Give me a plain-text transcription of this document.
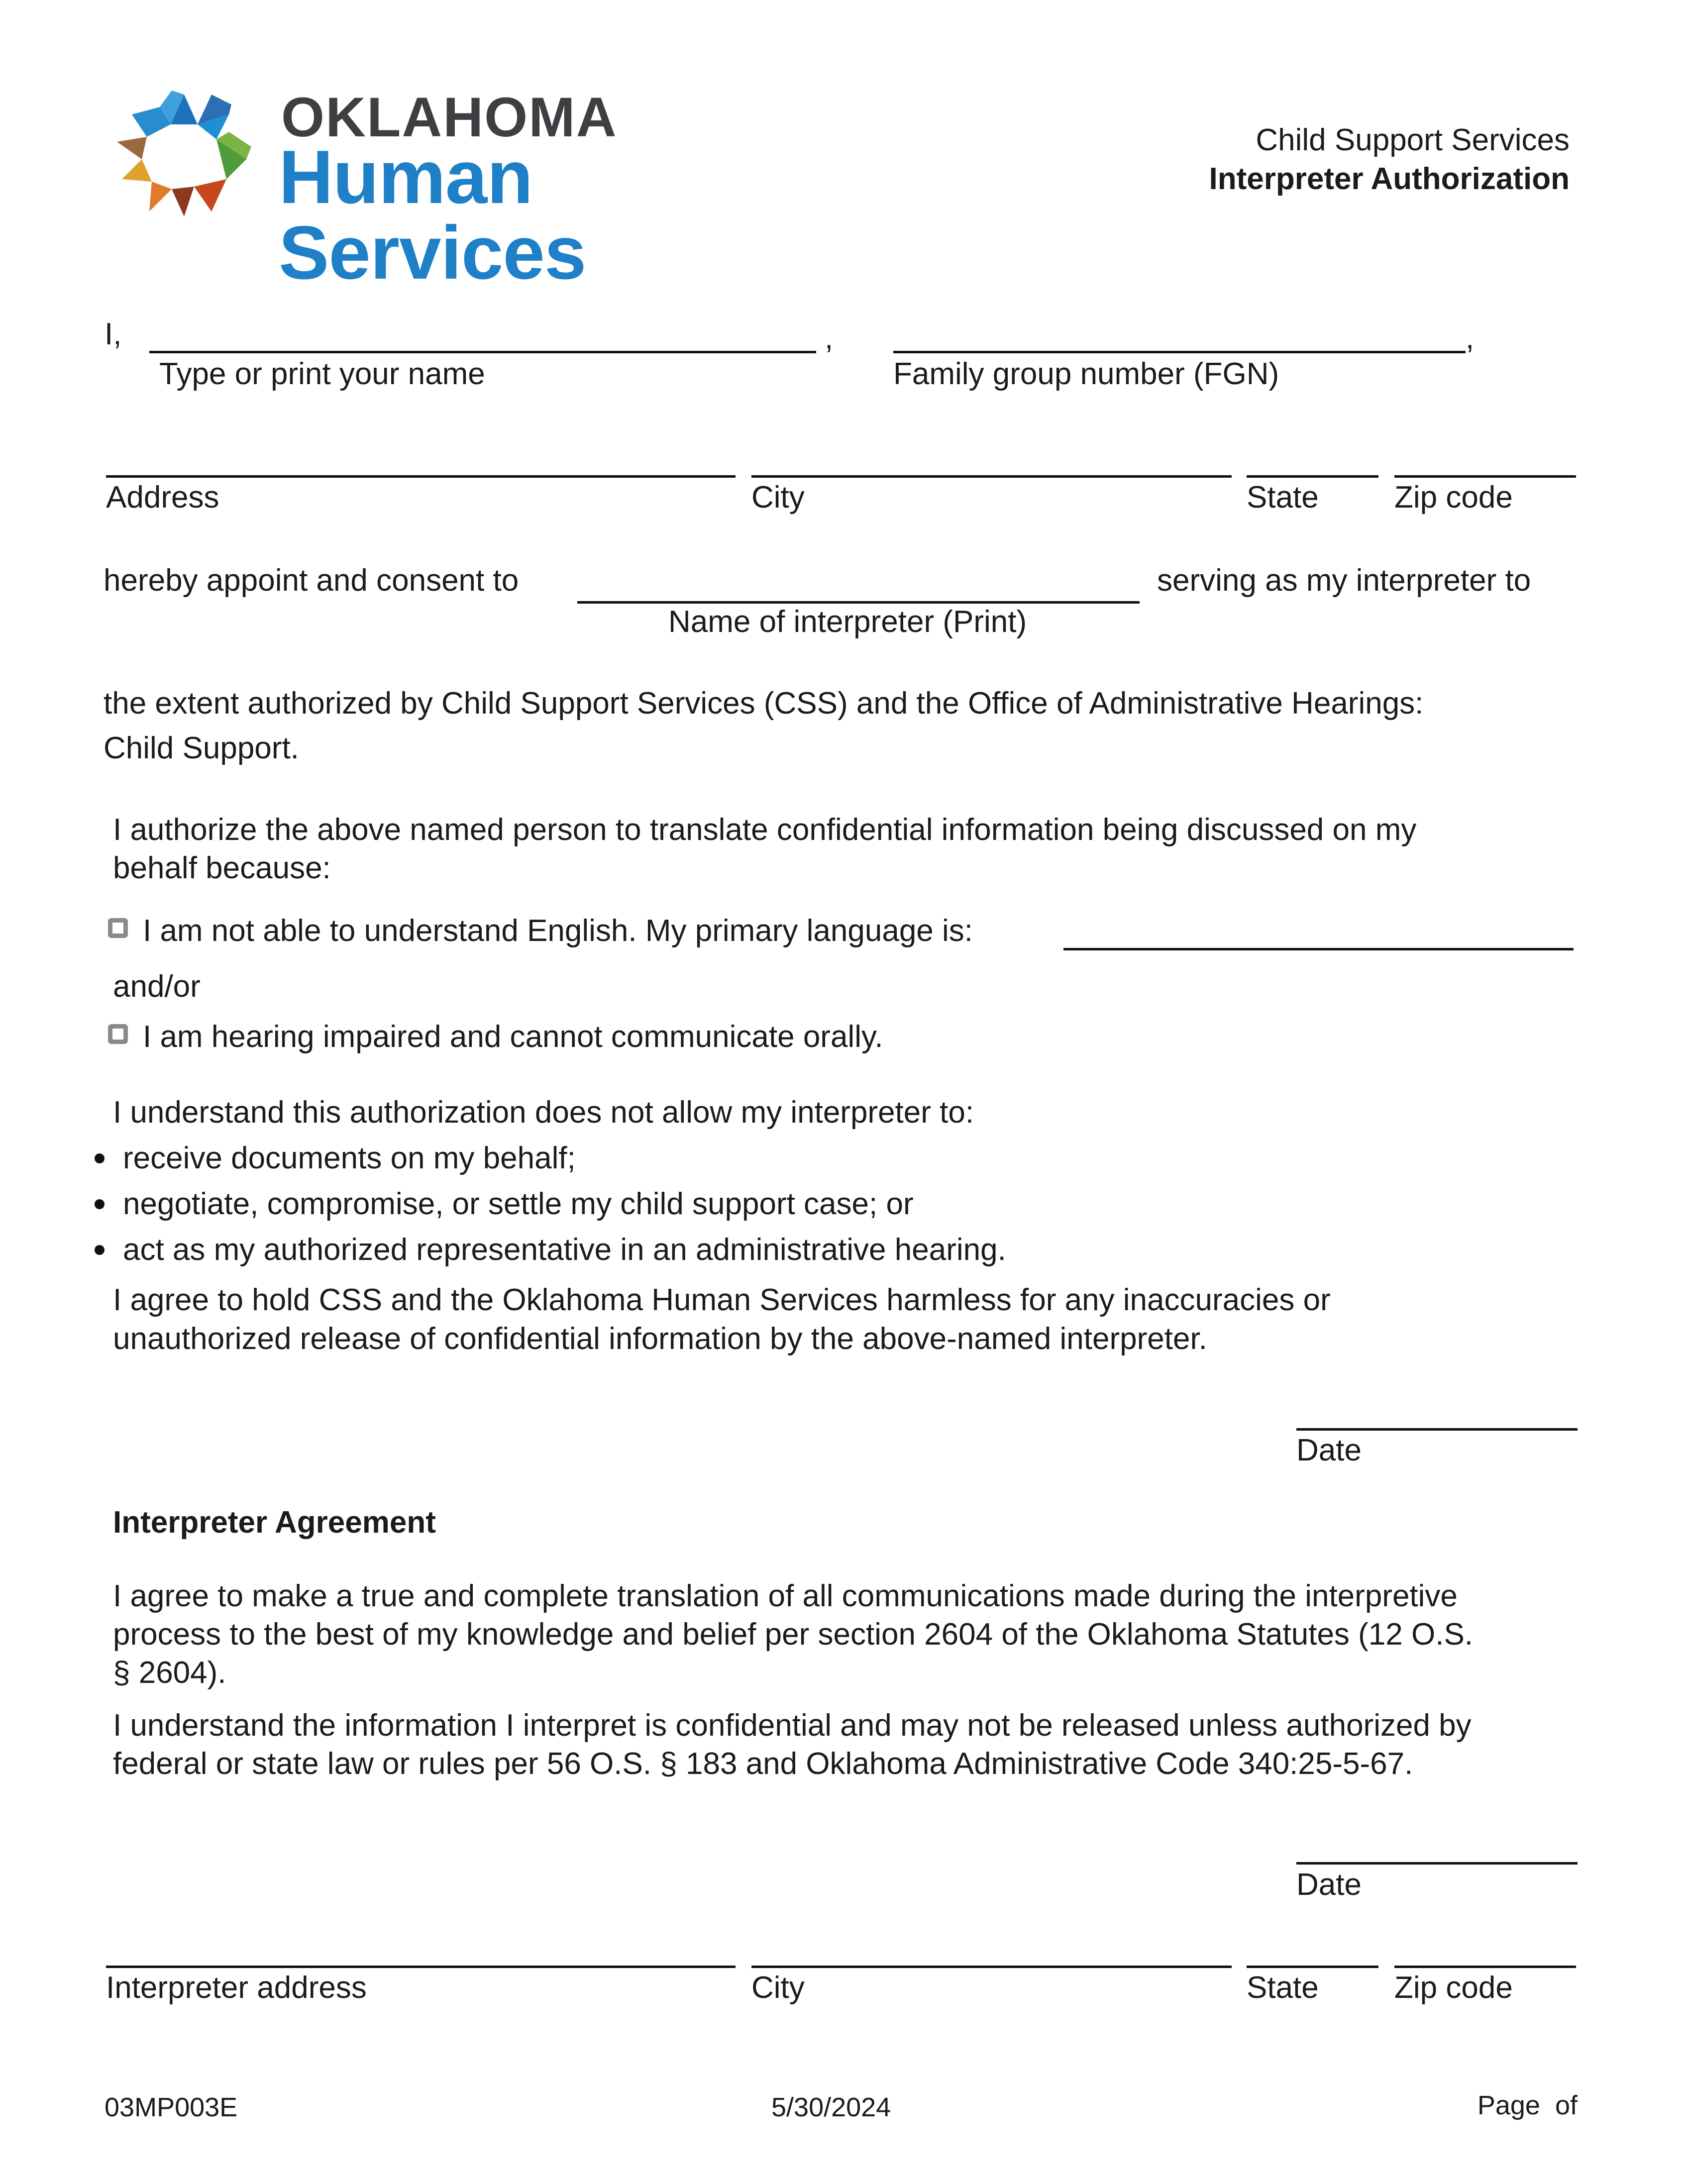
OKLAHOMA
Human Services
Child Support Services
Interpreter Authorization
I,	,	,
Type or print your name	Family group number (FGN)
Address	City	State Zip code
hereby appoint and consent to	serving as my interpreter to
Name of interpreter (Print)
the extent authorized by Child Support Services (CSS) and the Office of Administrative Hearings:
Child Support.
I authorize the above named person to translate confidential information being discussed on my
behalf because:
I am not able to understand English. My primary language is:
and/or
I am hearing impaired and cannot communicate orally.
I understand this authorization does not allow my interpreter to:
receive documents on my behalf;
negotiate, compromise, or settle my child support case; or
act as my authorized representative in an administrative hearing.
I agree to hold CSS and the Oklahoma Human Services harmless for any inaccuracies or
unauthorized release of confidential information by the above-named interpreter.
Date
Interpreter Agreement
I agree to make a true and complete translation of all communications made during the interpretive
process to the best of my knowledge and belief per section 2604 of the Oklahoma Statutes (12 O.S.
§ 2604).
I understand the information I interpret is confidential and may not be released unless authorized by
federal or state law or rules per 56 O.S. § 183 and Oklahoma Administrative Code 340:25-5-67.
Date
Interpreter address	City	State Zip code
03MP003E	5/30/2024	Page  of
